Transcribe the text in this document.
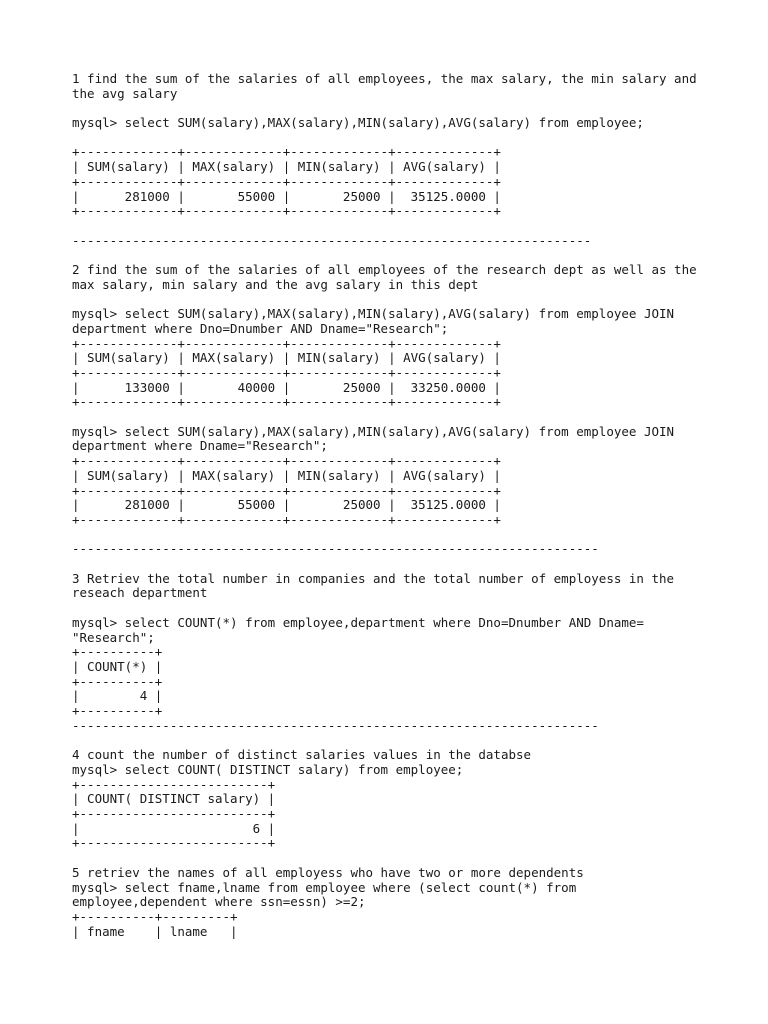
1 find the sum of the salaries of all employees, the max salary, the min salary and
the avg salary
mysql> select SUM(salary),MAX(salary),MIN(salary),AVG(salary) from employee;
+-------------+-------------+-------------+-------------+
| SUM(salary) | MAX(salary) | MIN(salary) | AVG(salary) |
+-------------+-------------+-------------+-------------+
|      281000 |       55000 |       25000 |  35125.0000 |
+-------------+-------------+-------------+-------------+
---------------------------------------------------------------------
2 find the sum of the salaries of all employees of the research dept as well as the
max salary, min salary and the avg salary in this dept
mysql> select SUM(salary),MAX(salary),MIN(salary),AVG(salary) from employee JOIN
department where Dno=Dnumber AND Dname="Research";
+-------------+-------------+-------------+-------------+
| SUM(salary) | MAX(salary) | MIN(salary) | AVG(salary) |
+-------------+-------------+-------------+-------------+
|      133000 |       40000 |       25000 |  33250.0000 |
+-------------+-------------+-------------+-------------+
mysql> select SUM(salary),MAX(salary),MIN(salary),AVG(salary) from employee JOIN
department where Dname="Research";
+-------------+-------------+-------------+-------------+
| SUM(salary) | MAX(salary) | MIN(salary) | AVG(salary) |
+-------------+-------------+-------------+-------------+
|      281000 |       55000 |       25000 |  35125.0000 |
+-------------+-------------+-------------+-------------+
----------------------------------------------------------------------
3 Retriev the total number in companies and the total number of employess in the
reseach department
mysql> select COUNT(*) from employee,department where Dno=Dnumber AND Dname=
"Research";
+----------+
| COUNT(*) |
+----------+
|        4 |
+----------+
----------------------------------------------------------------------
4 count the number of distinct salaries values in the databse
mysql> select COUNT( DISTINCT salary) from employee;
+-------------------------+
| COUNT( DISTINCT salary) |
+-------------------------+
|                       6 |
+-------------------------+
5 retriev the names of all employess who have two or more dependents
mysql> select fname,lname from employee where (select count(*) from
employee,dependent where ssn=essn) >=2;
+----------+---------+
| fname    | lname   |
